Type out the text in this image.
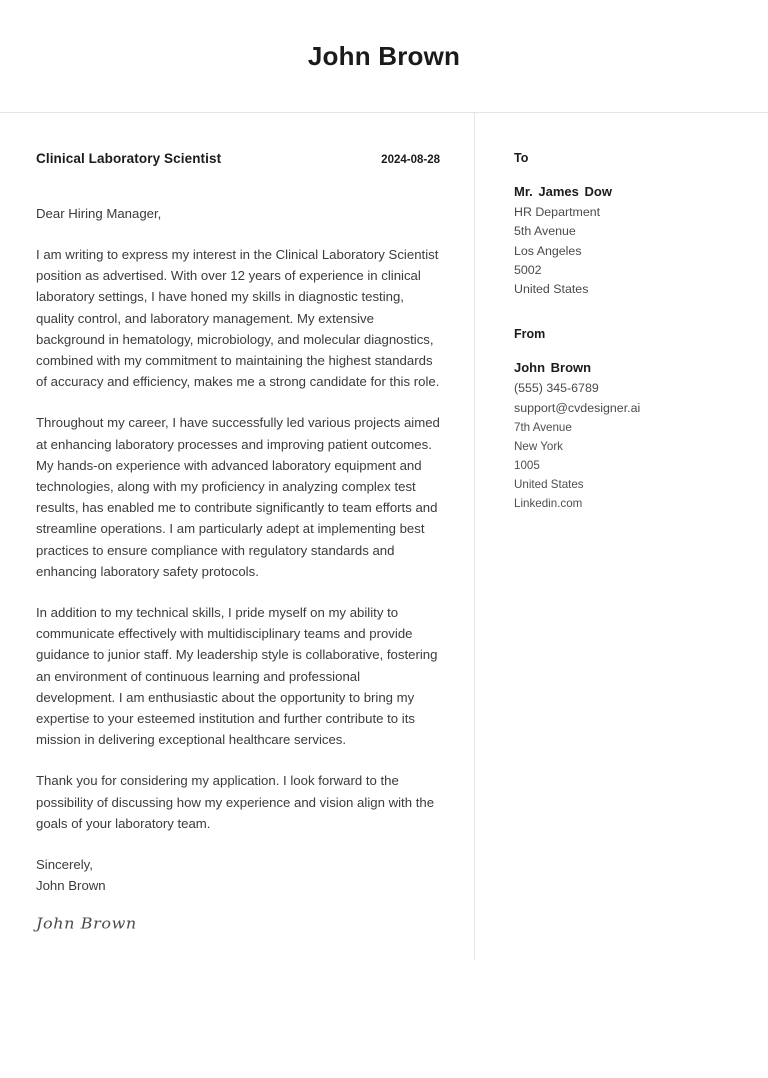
John Brown
Clinical Laboratory Scientist	2024-08-28
Dear Hiring Manager,

I am writing to express my interest in the Clinical Laboratory Scientist position as advertised. With over 12 years of experience in clinical laboratory settings, I have honed my skills in diagnostic testing, quality control, and laboratory management. My extensive background in hematology, microbiology, and molecular diagnostics, combined with my commitment to maintaining the highest standards of accuracy and efficiency, makes me a strong candidate for this role.

Throughout my career, I have successfully led various projects aimed at enhancing laboratory processes and improving patient outcomes. My hands-on experience with advanced laboratory equipment and technologies, along with my proficiency in analyzing complex test results, has enabled me to contribute significantly to team efforts and streamline operations. I am particularly adept at implementing best practices to ensure compliance with regulatory standards and enhancing laboratory safety protocols.

In addition to my technical skills, I pride myself on my ability to communicate effectively with multidisciplinary teams and provide guidance to junior staff. My leadership style is collaborative, fostering an environment of continuous learning and professional development. I am enthusiastic about the opportunity to bring my expertise to your esteemed institution and further contribute to its mission in delivering exceptional healthcare services.

Thank you for considering my application. I look forward to the possibility of discussing how my experience and vision align with the goals of your laboratory team.

Sincerely,
John Brown
John Brown
To
Mr. James Dow
HR Department
5th Avenue
Los Angeles
5002
United States
From
John Brown
(555) 345-6789
support@cvdesigner.ai
7th Avenue
New York
1005
United States
Linkedin.com
